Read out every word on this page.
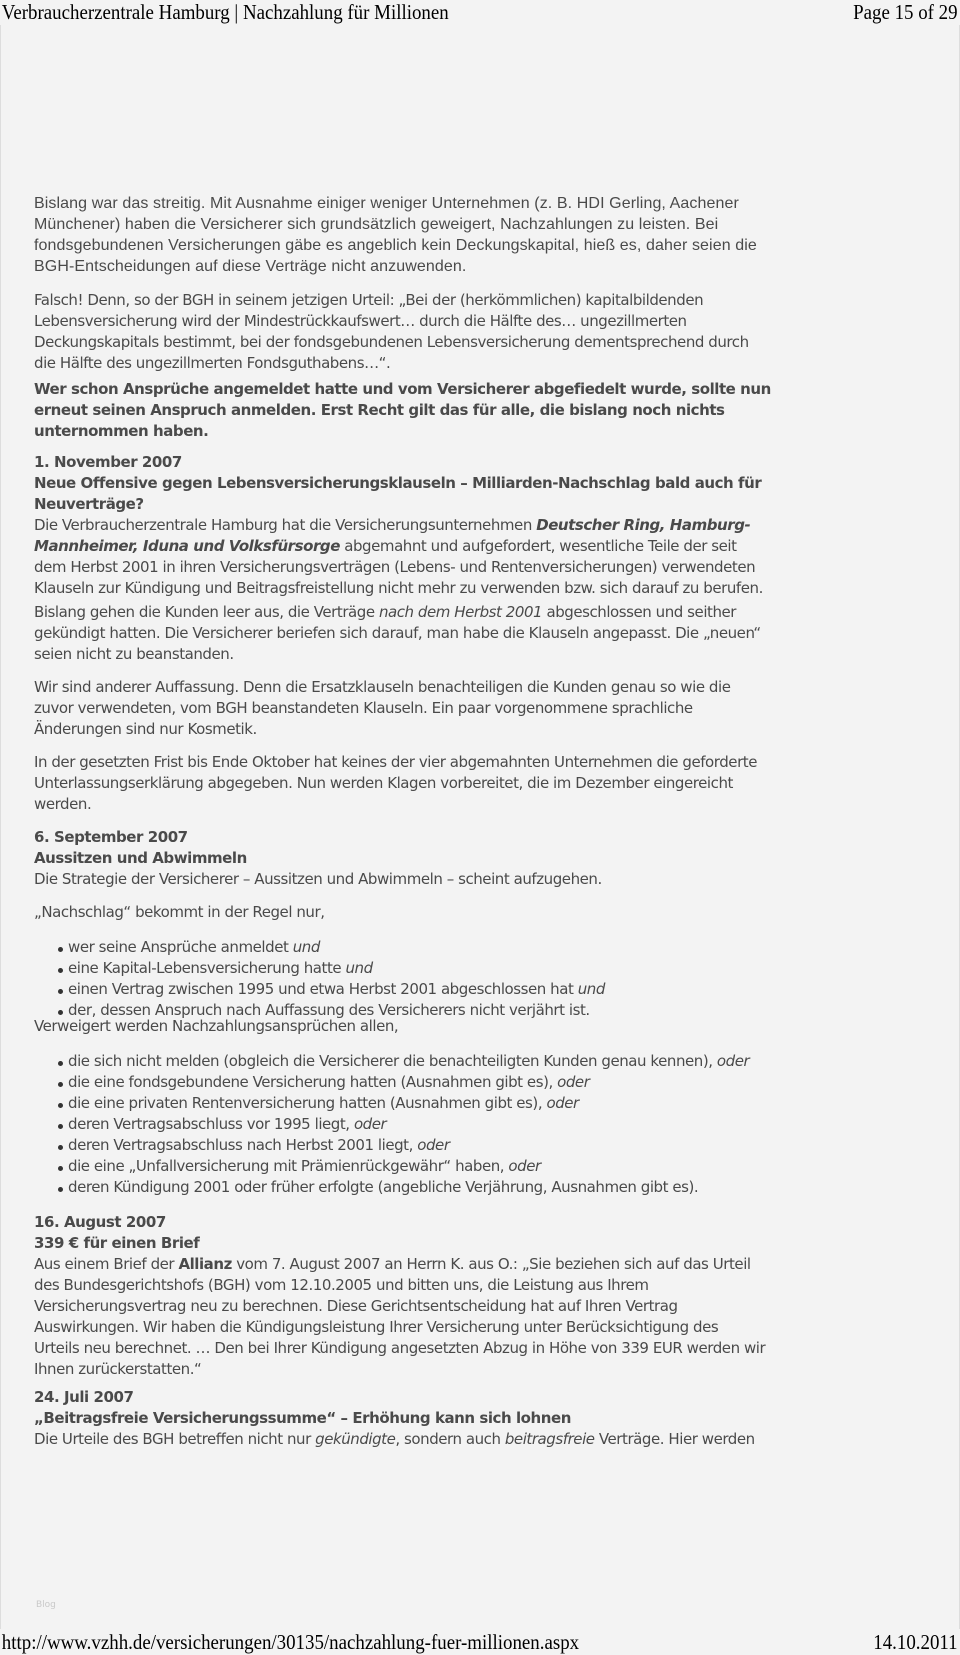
Verbraucherzentrale Hamburg | Nachzahlung für Millionen	Page 15 of 29
Bislang war das streitig. Mit Ausnahme einiger weniger Unternehmen (z. B. HDI Gerling, Aachener
Münchener) haben die Versicherer sich grundsätzlich geweigert, Nachzahlungen zu leisten. Bei
fondsgebundenen Versicherungen gäbe es angeblich kein Deckungskapital, hieß es, daher seien die
BGH-Entscheidungen auf diese Verträge nicht anzuwenden.
Falsch! Denn, so der BGH in seinem jetzigen Urteil: „Bei der (herkömmlichen) kapitalbildenden
Lebensversicherung wird der Mindestrückkaufswert… durch die Hälfte des… ungezillmerten
Deckungskapitals bestimmt, bei der fondsgebundenen Lebensversicherung dementsprechend durch
die Hälfte des ungezillmerten Fondsguthabens…“.
Wer schon Ansprüche angemeldet hatte und vom Versicherer abgefiedelt wurde, sollte nun
erneut seinen Anspruch anmelden. Erst Recht gilt das für alle, die bislang noch nichts
unternommen haben.
1. November 2007
Neue Offensive gegen Lebensversicherungsklauseln – Milliarden-Nachschlag bald auch für
Neuverträge?
Die Verbraucherzentrale Hamburg hat die Versicherungsunternehmen Deutscher Ring, Hamburg-
Mannheimer, Iduna und Volksfürsorge abgemahnt und aufgefordert, wesentliche Teile der seit
dem Herbst 2001 in ihren Versicherungsverträgen (Lebens- und Rentenversicherungen) verwendeten
Klauseln zur Kündigung und Beitragsfreistellung nicht mehr zu verwenden bzw. sich darauf zu berufen.
Bislang gehen die Kunden leer aus, die Verträge nach dem Herbst 2001 abgeschlossen und seither
gekündigt hatten. Die Versicherer beriefen sich darauf, man habe die Klauseln angepasst. Die „neuen“
seien nicht zu beanstanden.
Wir sind anderer Auffassung. Denn die Ersatzklauseln benachteiligen die Kunden genau so wie die
zuvor verwendeten, vom BGH beanstandeten Klauseln. Ein paar vorgenommene sprachliche
Änderungen sind nur Kosmetik.
In der gesetzten Frist bis Ende Oktober hat keines der vier abgemahnten Unternehmen die geforderte
Unterlassungserklärung abgegeben. Nun werden Klagen vorbereitet, die im Dezember eingereicht
werden.
6. September 2007
Aussitzen und Abwimmeln
Die Strategie der Versicherer – Aussitzen und Abwimmeln – scheint aufzugehen.
„Nachschlag“ bekommt in der Regel nur,
Verweigert werden Nachzahlungsansprüchen allen,
16. August 2007
339 € für einen Brief
Aus einem Brief der Allianz vom 7. August 2007 an Herrn K. aus O.: „Sie beziehen sich auf das Urteil
des Bundesgerichtshofs (BGH) vom 12.10.2005 und bitten uns, die Leistung aus Ihrem
Versicherungsvertrag neu zu berechnen. Diese Gerichtsentscheidung hat auf Ihren Vertrag
Auswirkungen. Wir haben die Kündigungsleistung Ihrer Versicherung unter Berücksichtigung des
Urteils neu berechnet. … Den bei Ihrer Kündigung angesetzten Abzug in Höhe von 339 EUR werden wir
Ihnen zurückerstatten.“
24. Juli 2007
„Beitragsfreie Versicherungssumme“ – Erhöhung kann sich lohnen
Die Urteile des BGH betreffen nicht nur gekündigte, sondern auch beitragsfreie Verträge. Hier werden
wer seine Ansprüche anmeldet und
eine Kapital-Lebensversicherung hatte und
einen Vertrag zwischen 1995 und etwa Herbst 2001 abgeschlossen hat und
der, dessen Anspruch nach Auffassung des Versicherers nicht verjährt ist.
die sich nicht melden (obgleich die Versicherer die benachteiligten Kunden genau kennen), oder
die eine fondsgebundene Versicherung hatten (Ausnahmen gibt es), oder
die eine privaten Rentenversicherung hatten (Ausnahmen gibt es), oder
deren Vertragsabschluss vor 1995 liegt, oder
deren Vertragsabschluss nach Herbst 2001 liegt, oder
die eine „Unfallversicherung mit Prämienrückgewähr“ haben, oder
deren Kündigung 2001 oder früher erfolgte (angebliche Verjährung, Ausnahmen gibt es).
Blog
http://www.vzhh.de/versicherungen/30135/nachzahlung-fuer-millionen.aspx	14.10.2011
